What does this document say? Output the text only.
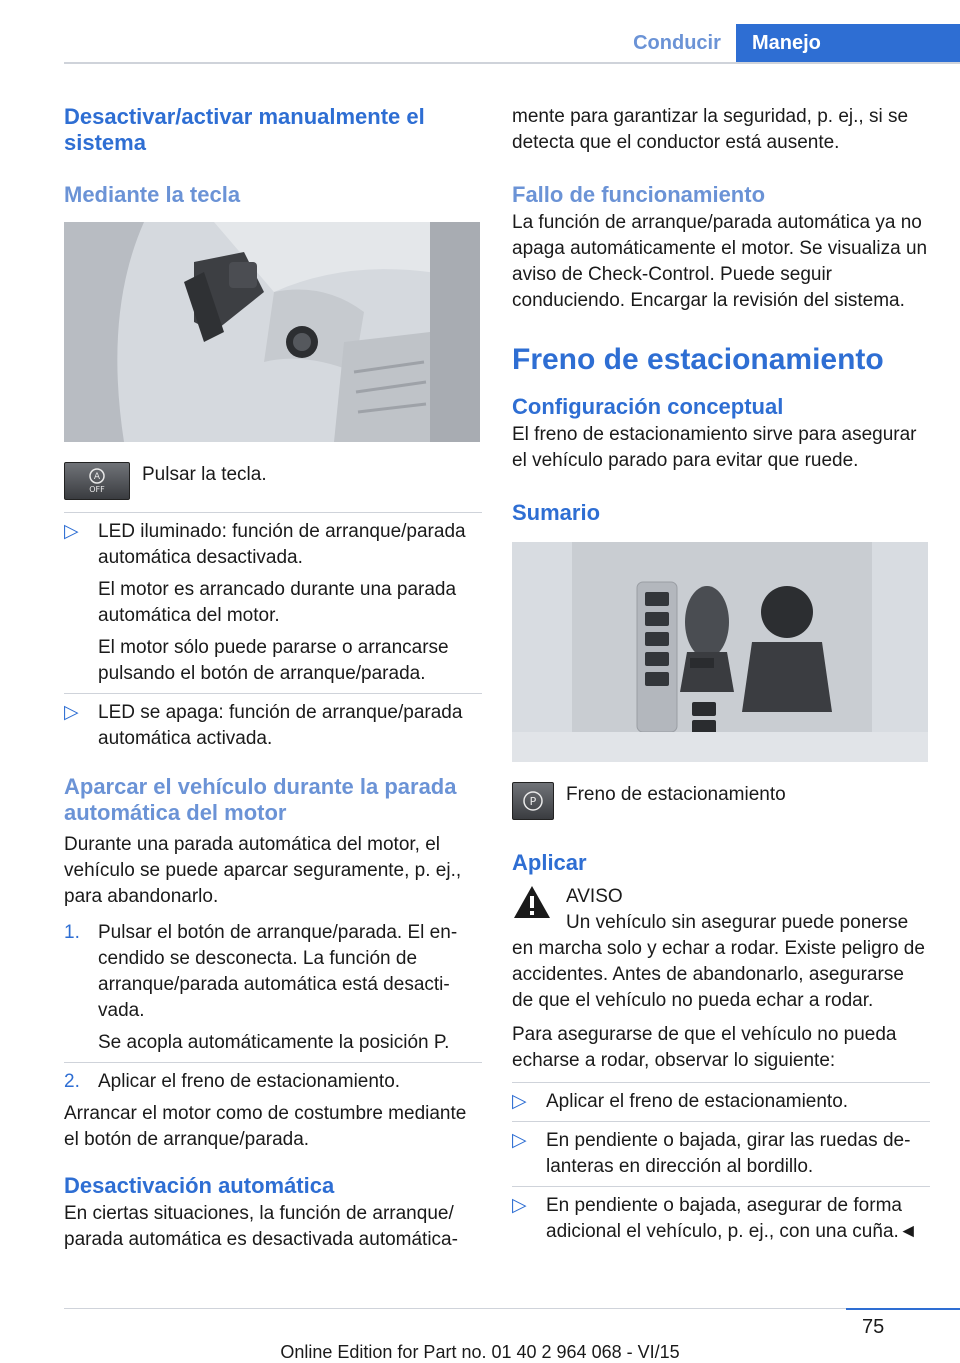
Conducir	Manejo
Desactivar/activar manualmente el sistema
Mediante la tecla
A
OFF

Pulsar la tecla.

▷	LED iluminado: función de arranque/parada automática desactivada.

El motor es arrancado durante una parada automática del motor.

El motor sólo puede pararse o arrancarse pulsando el botón de arranque/parada.

▷	LED se apaga: función de arranque/parada automática activada.

Aparcar el vehículo durante la parada automática del motor

Durante una parada automática del motor, el vehículo se puede aparcar seguramente, p. ej., para abandonarlo.

1. Pulsar el botón de arranque/parada. El encendido se desconecta. La función de arranque/parada automática está desactivada.

Se acopla automáticamente la posición P.

2. Aplicar el freno de estacionamiento.

Arrancar el motor como de costumbre mediante el botón de arranque/parada.

Desactivación automática

En ciertas situaciones, la función de arranque/ parada automática es desactivada automática-

mente para garantizar la seguridad, p. ej., si se detecta que el conductor está ausente.

Fallo de funcionamiento

La función de arranque/parada automática ya no apaga automáticamente el motor. Se visualiza un aviso de Check-Control. Puede seguir conduciendo. Encargar la revisión del sistema.

Freno de estacionamiento
Configuración conceptual

El freno de estacionamiento sirve para asegurar el vehículo parado para evitar que ruede.

Sumario
P Freno de estacionamiento

Aplicar

AVISO

Un vehículo sin asegurar puede ponerse

en marcha solo y echar a rodar. Existe peligro de accidentes. Antes de abandonarlo, asegurarse de que el vehículo no pueda echar a rodar.

Para asegurarse de que el vehículo no pueda echarse a rodar, observar lo siguiente:

▷	Aplicar el freno de estacionamiento.

▷	En pendiente o bajada, girar las ruedas delanteras en dirección al bordillo.

▷	En pendiente o bajada, asegurar de forma adicional el vehículo, p. ej., con una cuña.◄

75
Online Edition for Part no. 01 40 2 964 068 - VI/15
